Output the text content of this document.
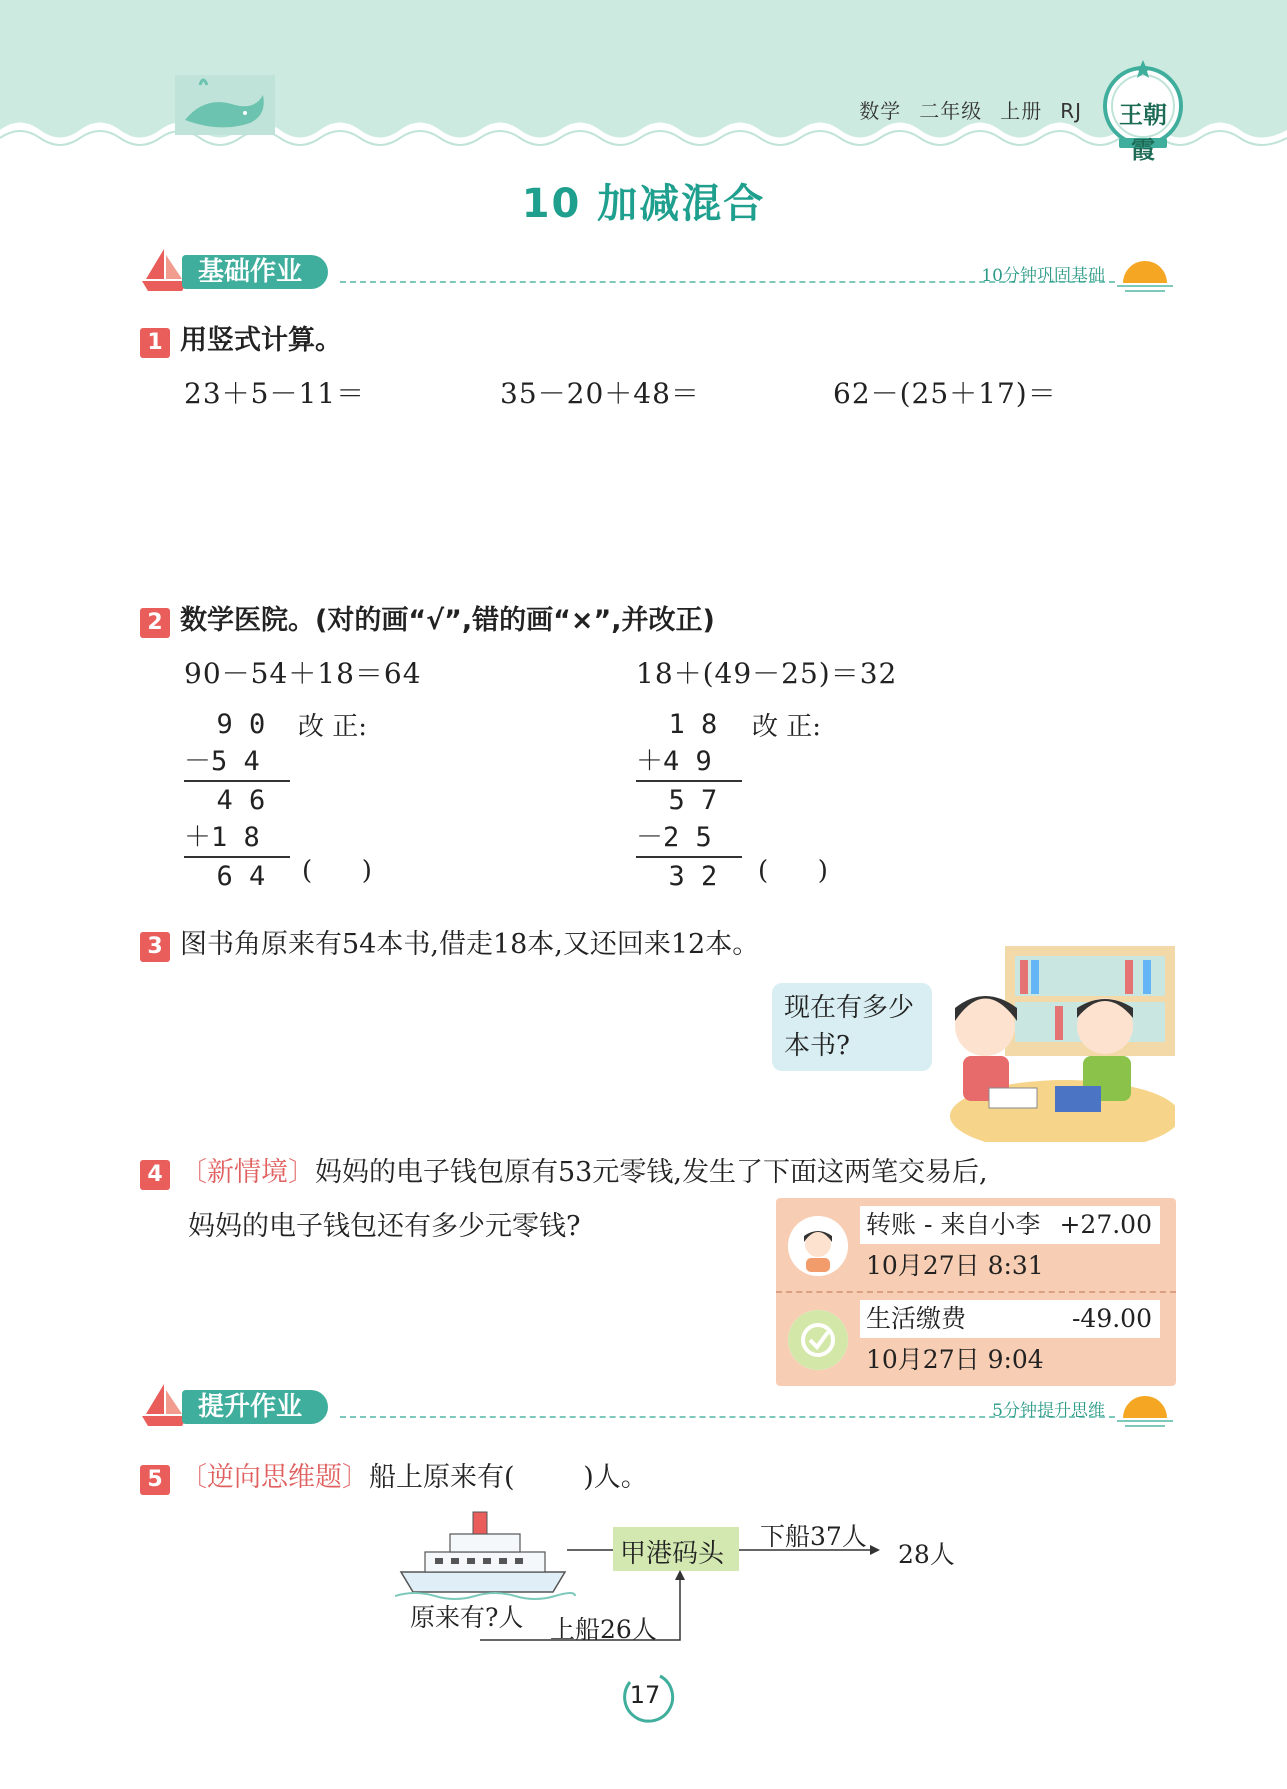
数学 二年级 上册 RJ	王朝霞
10 加减混合
基础作业	10分钟巩固基础
1 用竖式计算。
23＋5－11＝	35－20＋48＝	62－(25＋17)＝
2 数学医院。(对的画“√”,错的画“×”,并改正)
90－54＋18＝64	18＋(49－25)＝32
9 0
－5 4
4 6
＋1 8
6 4
改 正:
(      )
1 8
＋4 9
5 7
－2 5
3 2
改 正:
(      )
3 图书角原来有54本书,借走18本,又还回来12本。
现在有多少
本书?
4 〔新情境〕妈妈的电子钱包原有53元零钱,发生了下面这两笔交易后,
妈妈的电子钱包还有多少元零钱?	转账 - 来自小李 +27.00
10月27日 8:31
生活缴费	-49.00
10月27日 9:04
提升作业	5分钟提升思维
5 〔逆向思维题〕船上原来有(        )人。
甲港码头
下船37人
28人
原来有?人 上船26人
17
